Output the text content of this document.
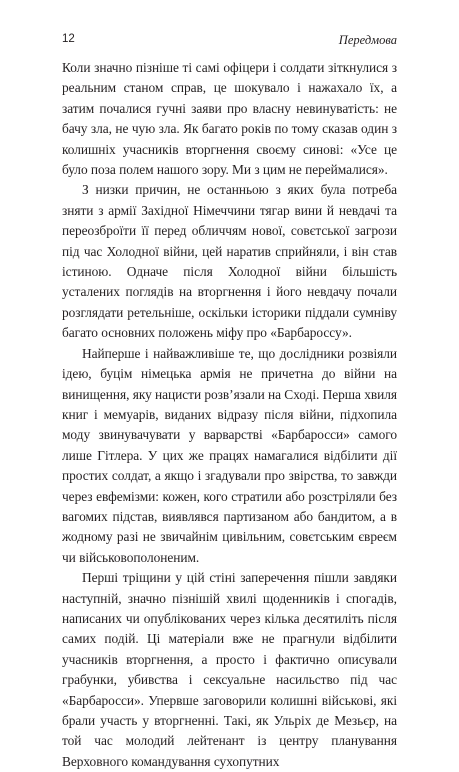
12	Передмова

Коли значно пізніше ті самі офіцери і солдати зіткнулися з реальним станом справ, це шокувало і нажахало їх, а затим почалися гучні заяви про власну невинуватість: не бачу зла, не чую зла. Як багато років по тому сказав один з колишніх учасників вторгнення своєму синові: «Усе це було поза полем нашого зору. Ми з цим не переймалися».

З низки причин, не останньою з яких була потреба зняти з армії Західної Німеччини тягар вини й невдачі та переозброїти її перед обличчям нової, совєтської загрози під час Холодної війни, цей наратив сприйняли, і він став істиною. Одначе після Холодної війни більшість усталених поглядів на вторгнення і його невдачу почали розглядати ретельніше, оскільки історики піддали сумніву багато основних положень міфу про «Барбароссу».

Найперше і найважливіше те, що дослідники розвіяли ідею, буцім німецька армія не причетна до війни на винищення, яку нацисти розв’язали на Сході. Перша хвиля книг і мемуарів, виданих відразу після війни, підхопила моду звинувачувати у варварстві «Барбаросси» самого лише Гітлера. У цих же працях намагалися відбілити дії простих солдат, а якщо і згадували про звірства, то завжди через евфемізми: кожен, кого стратили або розстріляли без вагомих підстав, виявлявся партизаном або бандитом, а в жодному разі не звичайнім цивільним, совєтським євреєм чи військовополоненим.

Перші тріщини у цій стіні заперечення пішли завдяки наступній, значно пізнішій хвилі щоденників і спогадів, написаних чи опублікованих через кілька десятиліть після самих подій. Ці матеріали вже не прагнули відбілити учасників вторгнення, а просто і фактично описували грабунки, убивства і сексуальне насильство під час «Барбаросси». Упервше заговорили колишні військові, які брали участь у вторгненні. Такі, як Ульріх де Мезьєр, на той час молодий лейтенант із центру планування Верховного командування сухопутних
